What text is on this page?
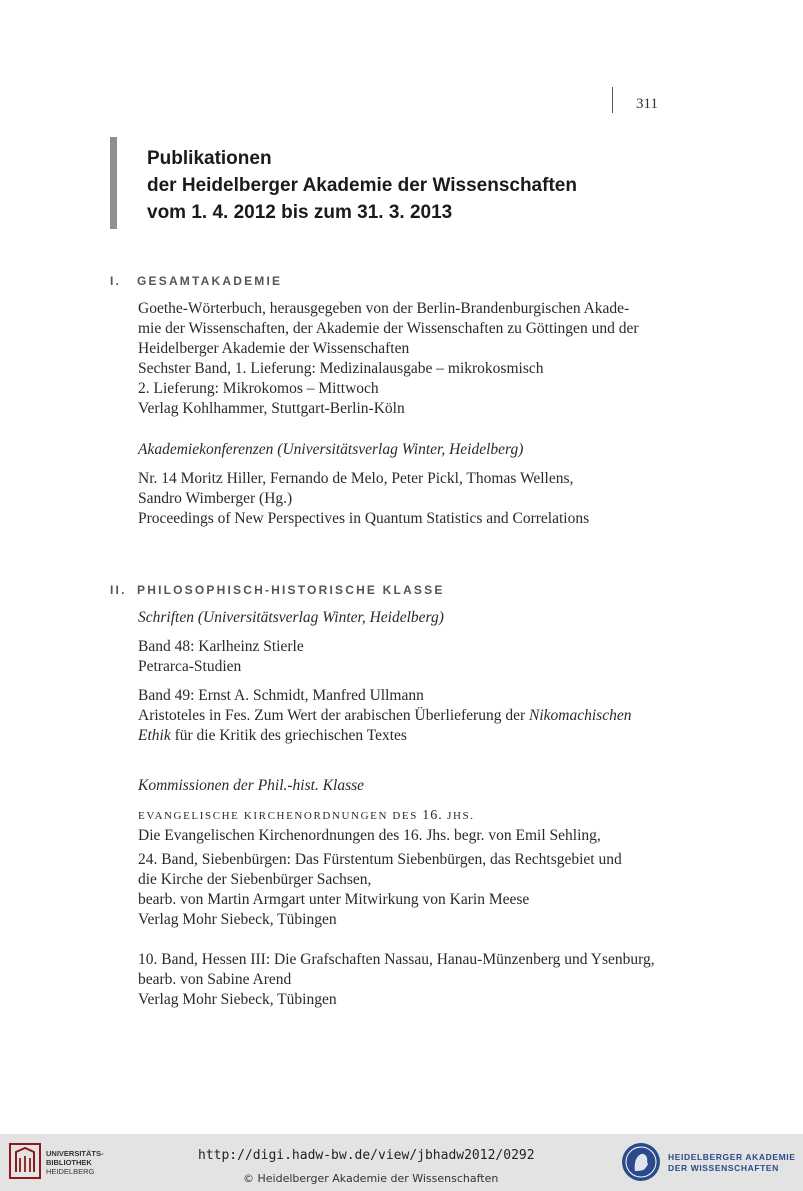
311
Publikationen
der Heidelberger Akademie der Wissenschaften
vom 1. 4. 2012 bis zum 31. 3. 2013
I. GESAMTAKADEMIE
Goethe-Wörterbuch, herausgegeben von der Berlin-Brandenburgischen Akade-
mie der Wissenschaften, der Akademie der Wissenschaften zu Göttingen und der
Heidelberger Akademie der Wissenschaften
Sechster Band, 1. Lieferung: Medizinalausgabe – mikrokosmisch
2. Lieferung: Mikrokomos – Mittwoch
Verlag Kohlhammer, Stuttgart-Berlin-Köln
Akademiekonferenzen (Universitätsverlag Winter, Heidelberg)
Nr. 14 Moritz Hiller, Fernando de Melo, Peter Pickl, Thomas Wellens,
Sandro Wimberger (Hg.)
Proceedings of New Perspectives in Quantum Statistics and Correlations
II. PHILOSOPHISCH-HISTORISCHE KLASSE
Schriften (Universitätsverlag Winter, Heidelberg)
Band 48: Karlheinz Stierle
Petrarca-Studien
Band 49: Ernst A. Schmidt, Manfred Ullmann
Aristoteles in Fes. Zum Wert der arabischen Überlieferung der Nikomachischen
Ethik für die Kritik des griechischen Textes
Kommissionen der Phil.-hist. Klasse
EVANGELISCHE KIRCHENORDNUNGEN DES 16. JHS.
Die Evangelischen Kirchenordnungen des 16. Jhs. begr. von Emil Sehling,
24. Band, Siebenbürgen: Das Fürstentum Siebenbürgen, das Rechtsgebiet und
die Kirche der Siebenbürger Sachsen,
bearb. von Martin Armgart unter Mitwirkung von Karin Meese
Verlag Mohr Siebeck, Tübingen
10. Band, Hessen III: Die Grafschaften Nassau, Hanau-Münzenberg und Ysenburg,
bearb. von Sabine Arend
Verlag Mohr Siebeck, Tübingen
UNIVERSITÄTS-
BIBLIOTHEK
HEIDELBERG
http://digi.hadw-bw.de/view/jbhadw2012/0292
© Heidelberger Akademie der Wissenschaften
HEIDELBERGER AKADEMIE
DER WISSENSCHAFTEN
